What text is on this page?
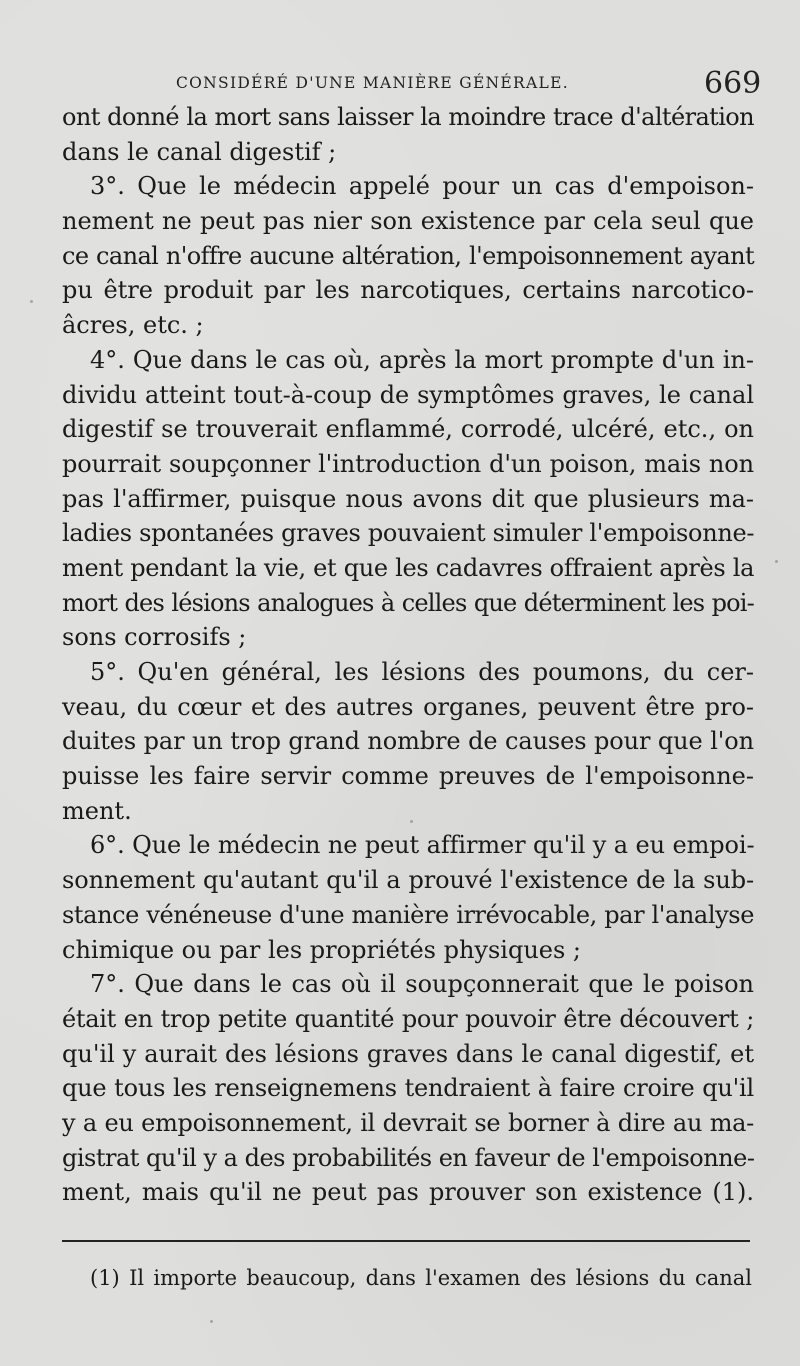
CONSIDÉRÉ D'UNE MANIÈRE GÉNÉRALE.	669
ont donné la mort sans laisser la moindre trace d'altération
dans le canal digestif ;
3°. Que le médecin appelé pour un cas d'empoison-
nement ne peut pas nier son existence par cela seul que
ce canal n'offre aucune altération, l'empoisonnement ayant
pu être produit par les narcotiques, certains narcotico-
âcres, etc. ;
4°. Que dans le cas où, après la mort prompte d'un in-
dividu atteint tout-à-coup de symptômes graves, le canal
digestif se trouverait enflammé, corrodé, ulcéré, etc., on
pourrait soupçonner l'introduction d'un poison, mais non
pas l'affirmer, puisque nous avons dit que plusieurs ma-
ladies spontanées graves pouvaient simuler l'empoisonne-
ment pendant la vie, et que les cadavres offraient après la
mort des lésions analogues à celles que déterminent les poi-
sons corrosifs ;
5°. Qu'en général, les lésions des poumons, du cer-
veau, du cœur et des autres organes, peuvent être pro-
duites par un trop grand nombre de causes pour que l'on
puisse les faire servir comme preuves de l'empoisonne-
ment.
6°. Que le médecin ne peut affirmer qu'il y a eu empoi-
sonnement qu'autant qu'il a prouvé l'existence de la sub-
stance vénéneuse d'une manière irrévocable, par l'analyse
chimique ou par les propriétés physiques ;
7°. Que dans le cas où il soupçonnerait que le poison
était en trop petite quantité pour pouvoir être découvert ;
qu'il y aurait des lésions graves dans le canal digestif, et
que tous les renseignemens tendraient à faire croire qu'il
y a eu empoisonnement, il devrait se borner à dire au ma-
gistrat qu'il y a des probabilités en faveur de l'empoisonne-
ment, mais qu'il ne peut pas prouver son existence (1).
(1) Il importe beaucoup, dans l'examen des lésions du canal
